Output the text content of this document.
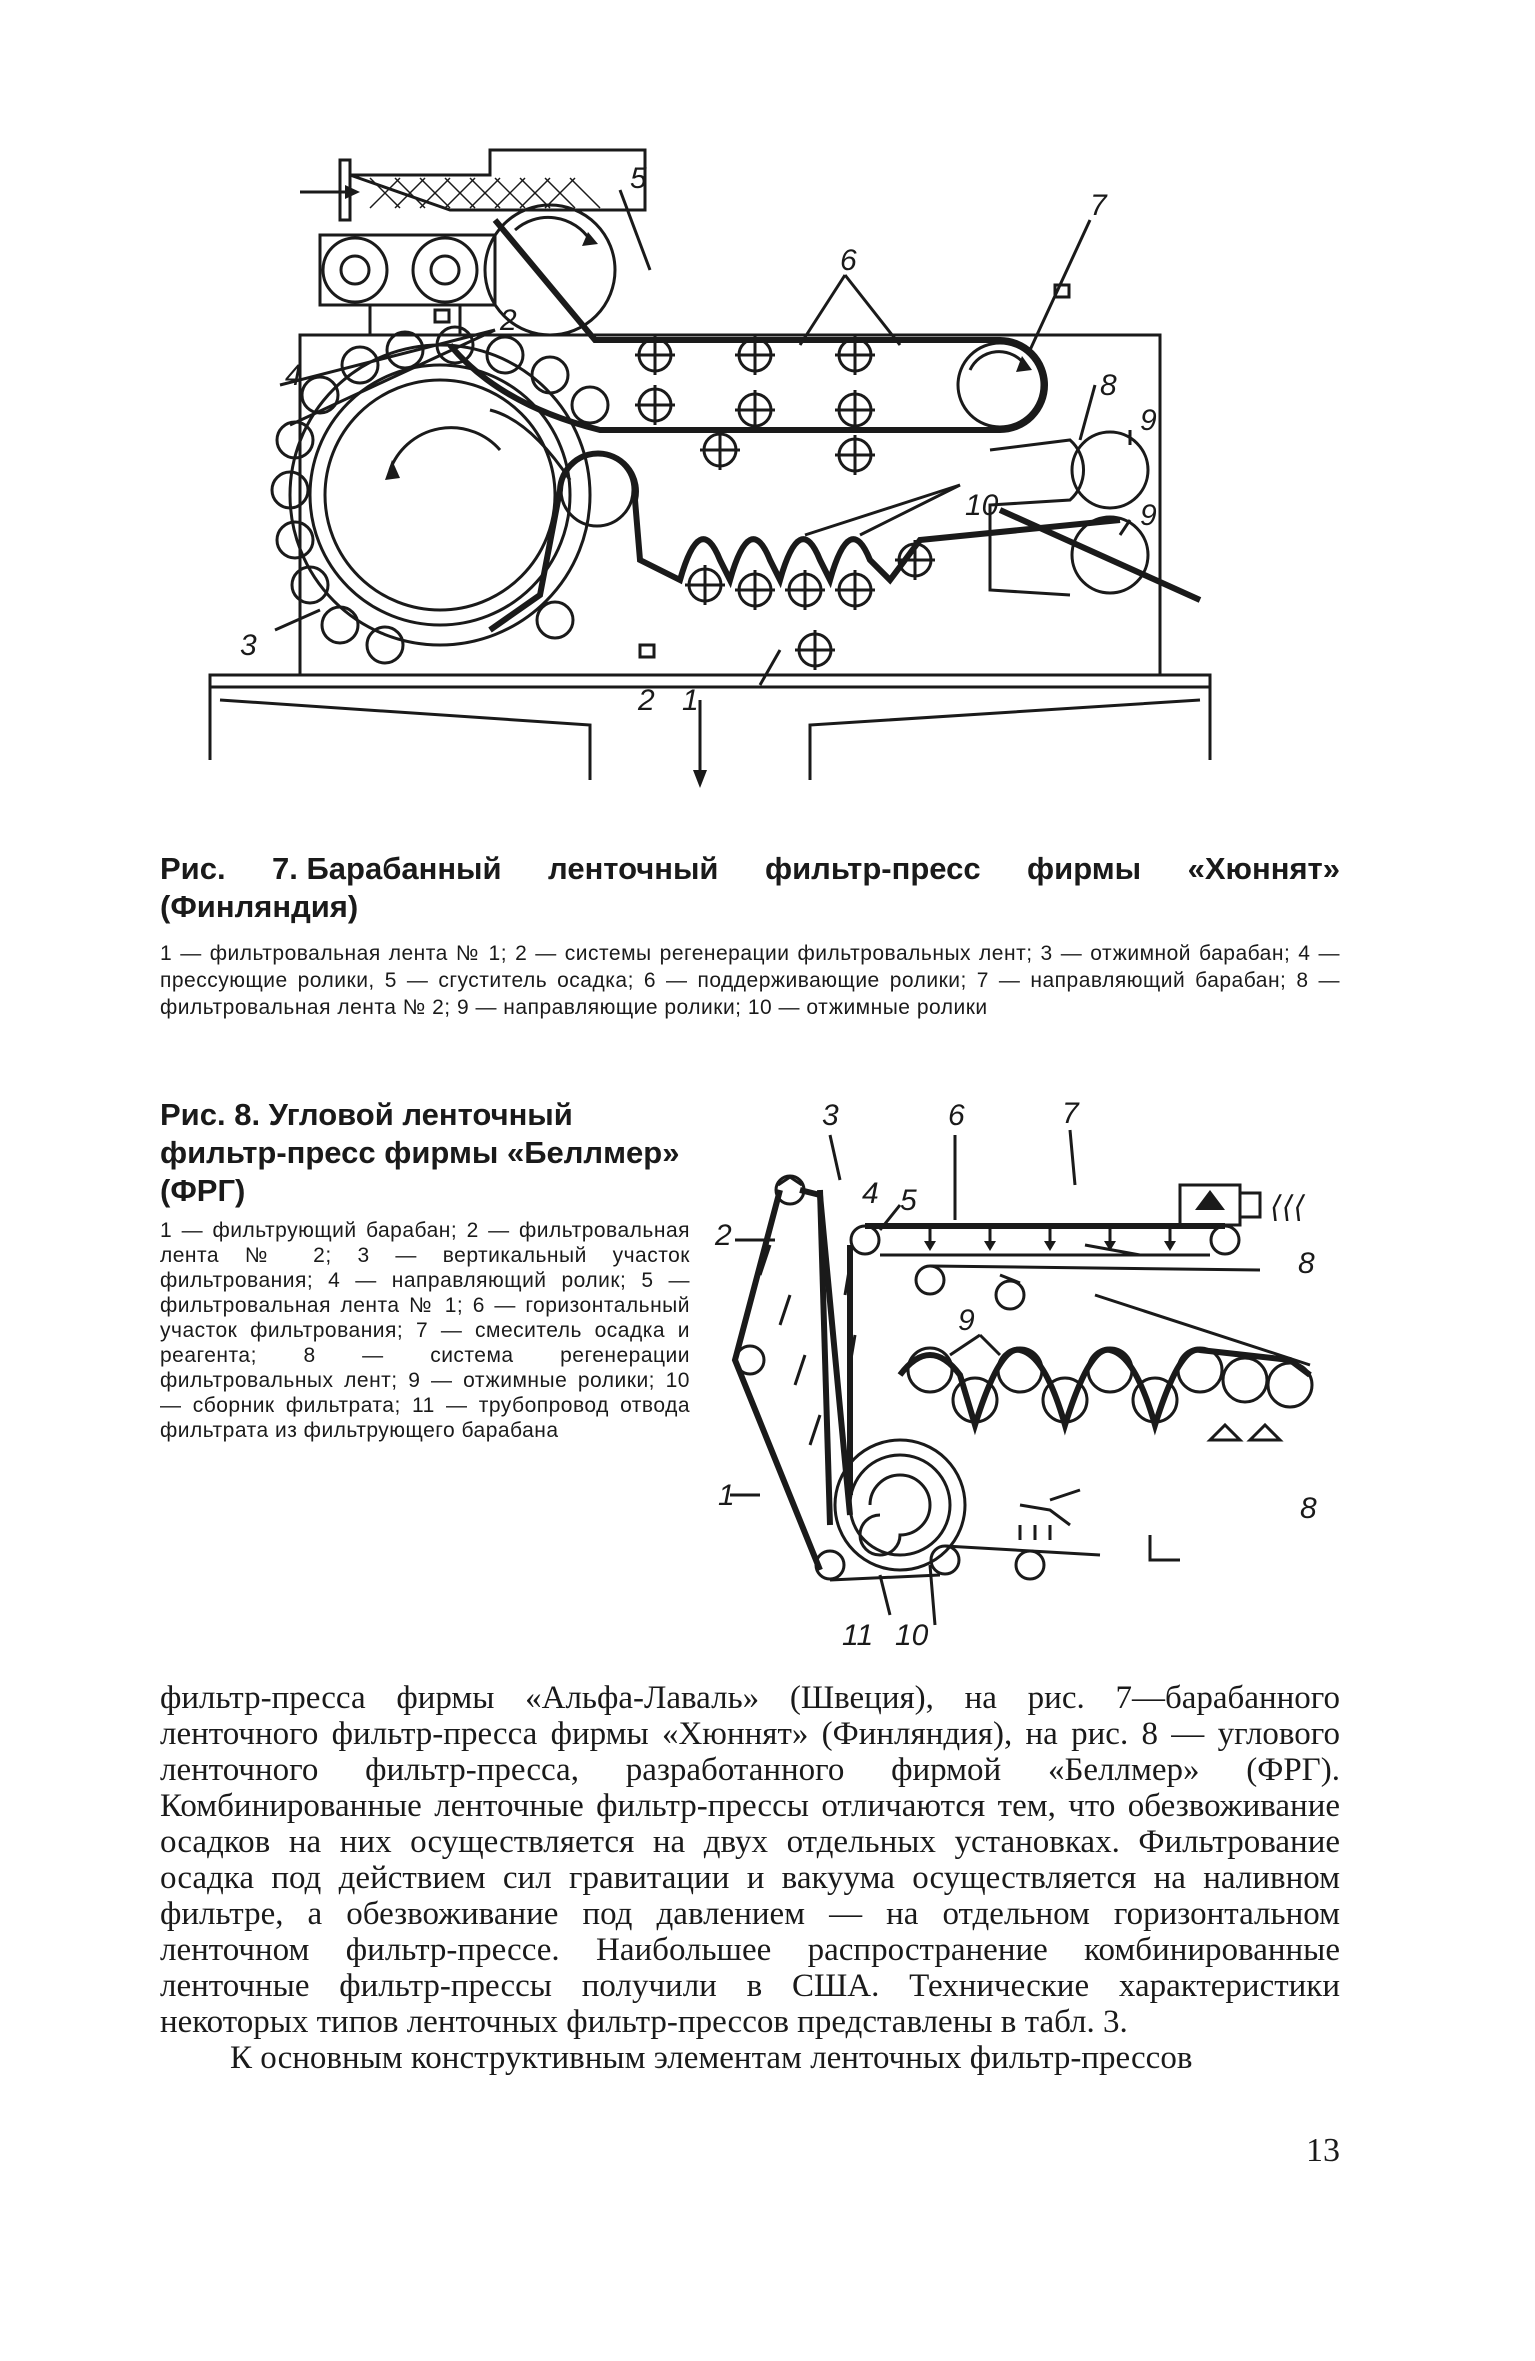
5
6
7
2
4	8
9
9
10
3
2 1
Рис. 7. Барабанный ленточный фильтр-пресс фирмы «Хюннят»
(Финляндия)
1 — фильтровальная лента № 1; 2 — системы регенерации фильтровальных лент; 3 — отжимной барабан; 4 — прессующие ролики, 5 — сгуститель осадка; 6 — поддерживающие ролики; 7 — направляющий барабан; 8 — фильтровальная лента № 2; 9 — направляющие ролики; 10 — отжимные ролики
Рис. 8. Угловой ленточный фильтр-пресс фирмы «Беллмер» (ФРГ)
1 — фильтрующий барабан; 2 — фильтровальная лента № 2; 3 — вертикальный участок фильтрования; 4 — направляющий ролик; 5 — фильтровальная лента № 1; 6 — горизонтальный участок фильтрования; 7 — смеситель осадка и реагента; 8 — система регенерации фильтровальных лент; 9 — отжимные ролики; 10 — сборник фильтрата; 11 — трубопровод отвода фильтрата из фильтрующего барабана
⟨⟨⟨
3	6	7
4 5
2
8
9
1	8
11 10

фильтр-пресса фирмы «Альфа-Лаваль» (Швеция), на рис. 7—барабанного ленточного фильтр-пресса фирмы «Хюннят» (Финляндия), на рис. 8 — углового ленточного фильтр-пресса, разработанного фирмой «Беллмер» (ФРГ). Комбинированные ленточные фильтр-прессы отличаются тем, что обезвоживание осадков на них осуществляется на двух отдельных установках. Фильтрование осадка под действием сил гравитации и вакуума осуществляется на наливном фильтре, а обезвоживание под давлением — на отдельном горизонтальном ленточном фильтр-прессе. Наибольшее распространение комбинированные ленточные фильтр-прессы получили в США. Технические характеристики некоторых типов ленточных фильтр-прессов представлены в табл. 3.

К основным конструктивным элементам ленточных фильтр-прессов

13
